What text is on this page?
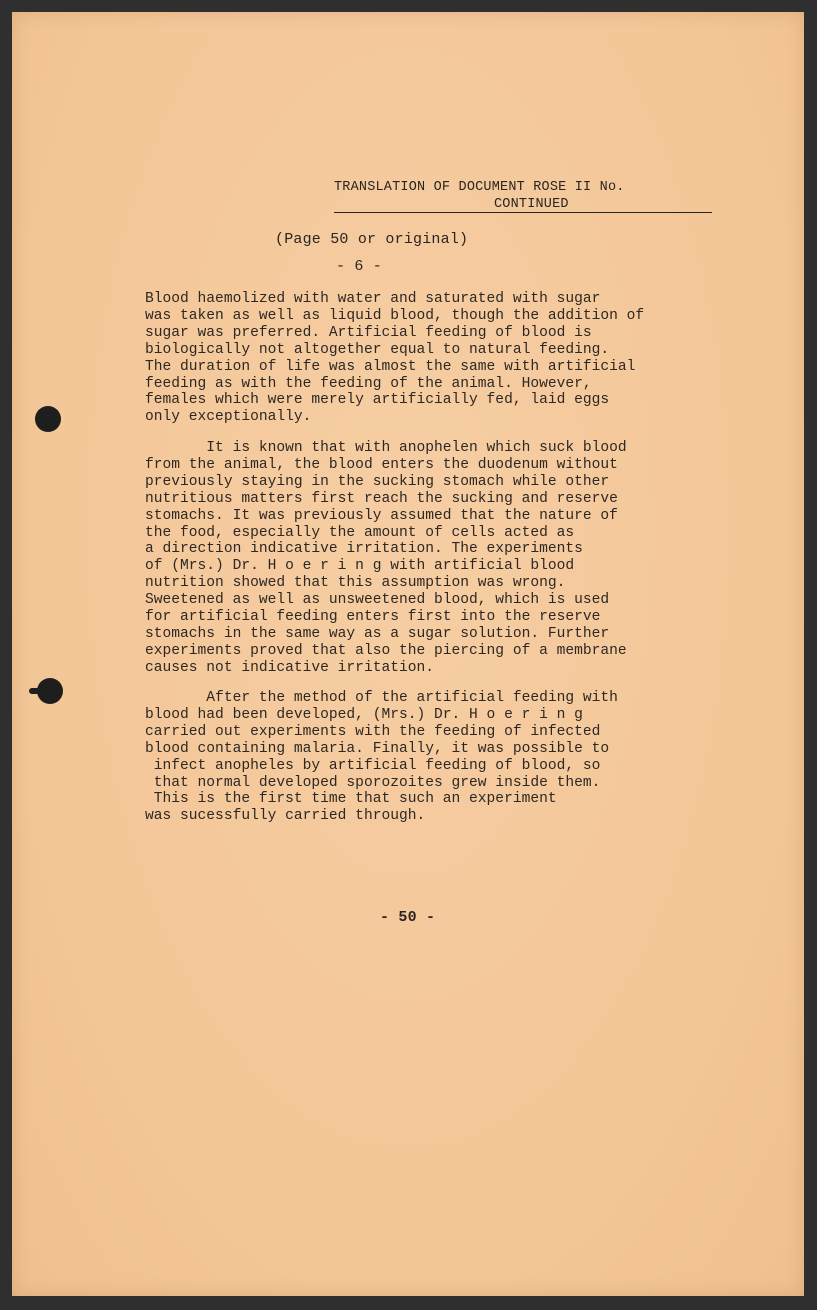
TRANSLATION OF DOCUMENT ROSE II No.
CONTINUED
(Page 50 or original)
- 6 -
Blood haemolized with water and saturated with sugar
was taken as well as liquid blood, though the addition of
sugar was preferred. Artificial feeding of blood is
biologically not altogether equal to natural feeding.
The duration of life was almost the same with artificial
feeding as with the feeding of the animal. However,
females which were merely artificially fed, laid eggs
only exceptionally.
It is known that with anophelen which suck blood
from the animal, the blood enters the duodenum without
previously staying in the sucking stomach while other
nutritious matters first reach the sucking and reserve
stomachs. It was previously assumed that the nature of
the food, especially the amount of cells acted as
a direction indicative irritation. The experiments
of (Mrs.) Dr. H o e r i n g with artificial blood
nutrition showed that this assumption was wrong.
Sweetened as well as unsweetened blood, which is used
for artificial feeding enters first into the reserve
stomachs in the same way as a sugar solution. Further
experiments proved that also the piercing of a membrane
causes not indicative irritation.
After the method of the artificial feeding with
blood had been developed, (Mrs.) Dr. H o e r i n g
carried out experiments with the feeding of infected
blood containing malaria. Finally, it was possible to
infect anopheles by artificial feeding of blood, so
that normal developed sporozoites grew inside them.
This is the first time that such an experiment
was sucessfully carried through.
- 50 -
